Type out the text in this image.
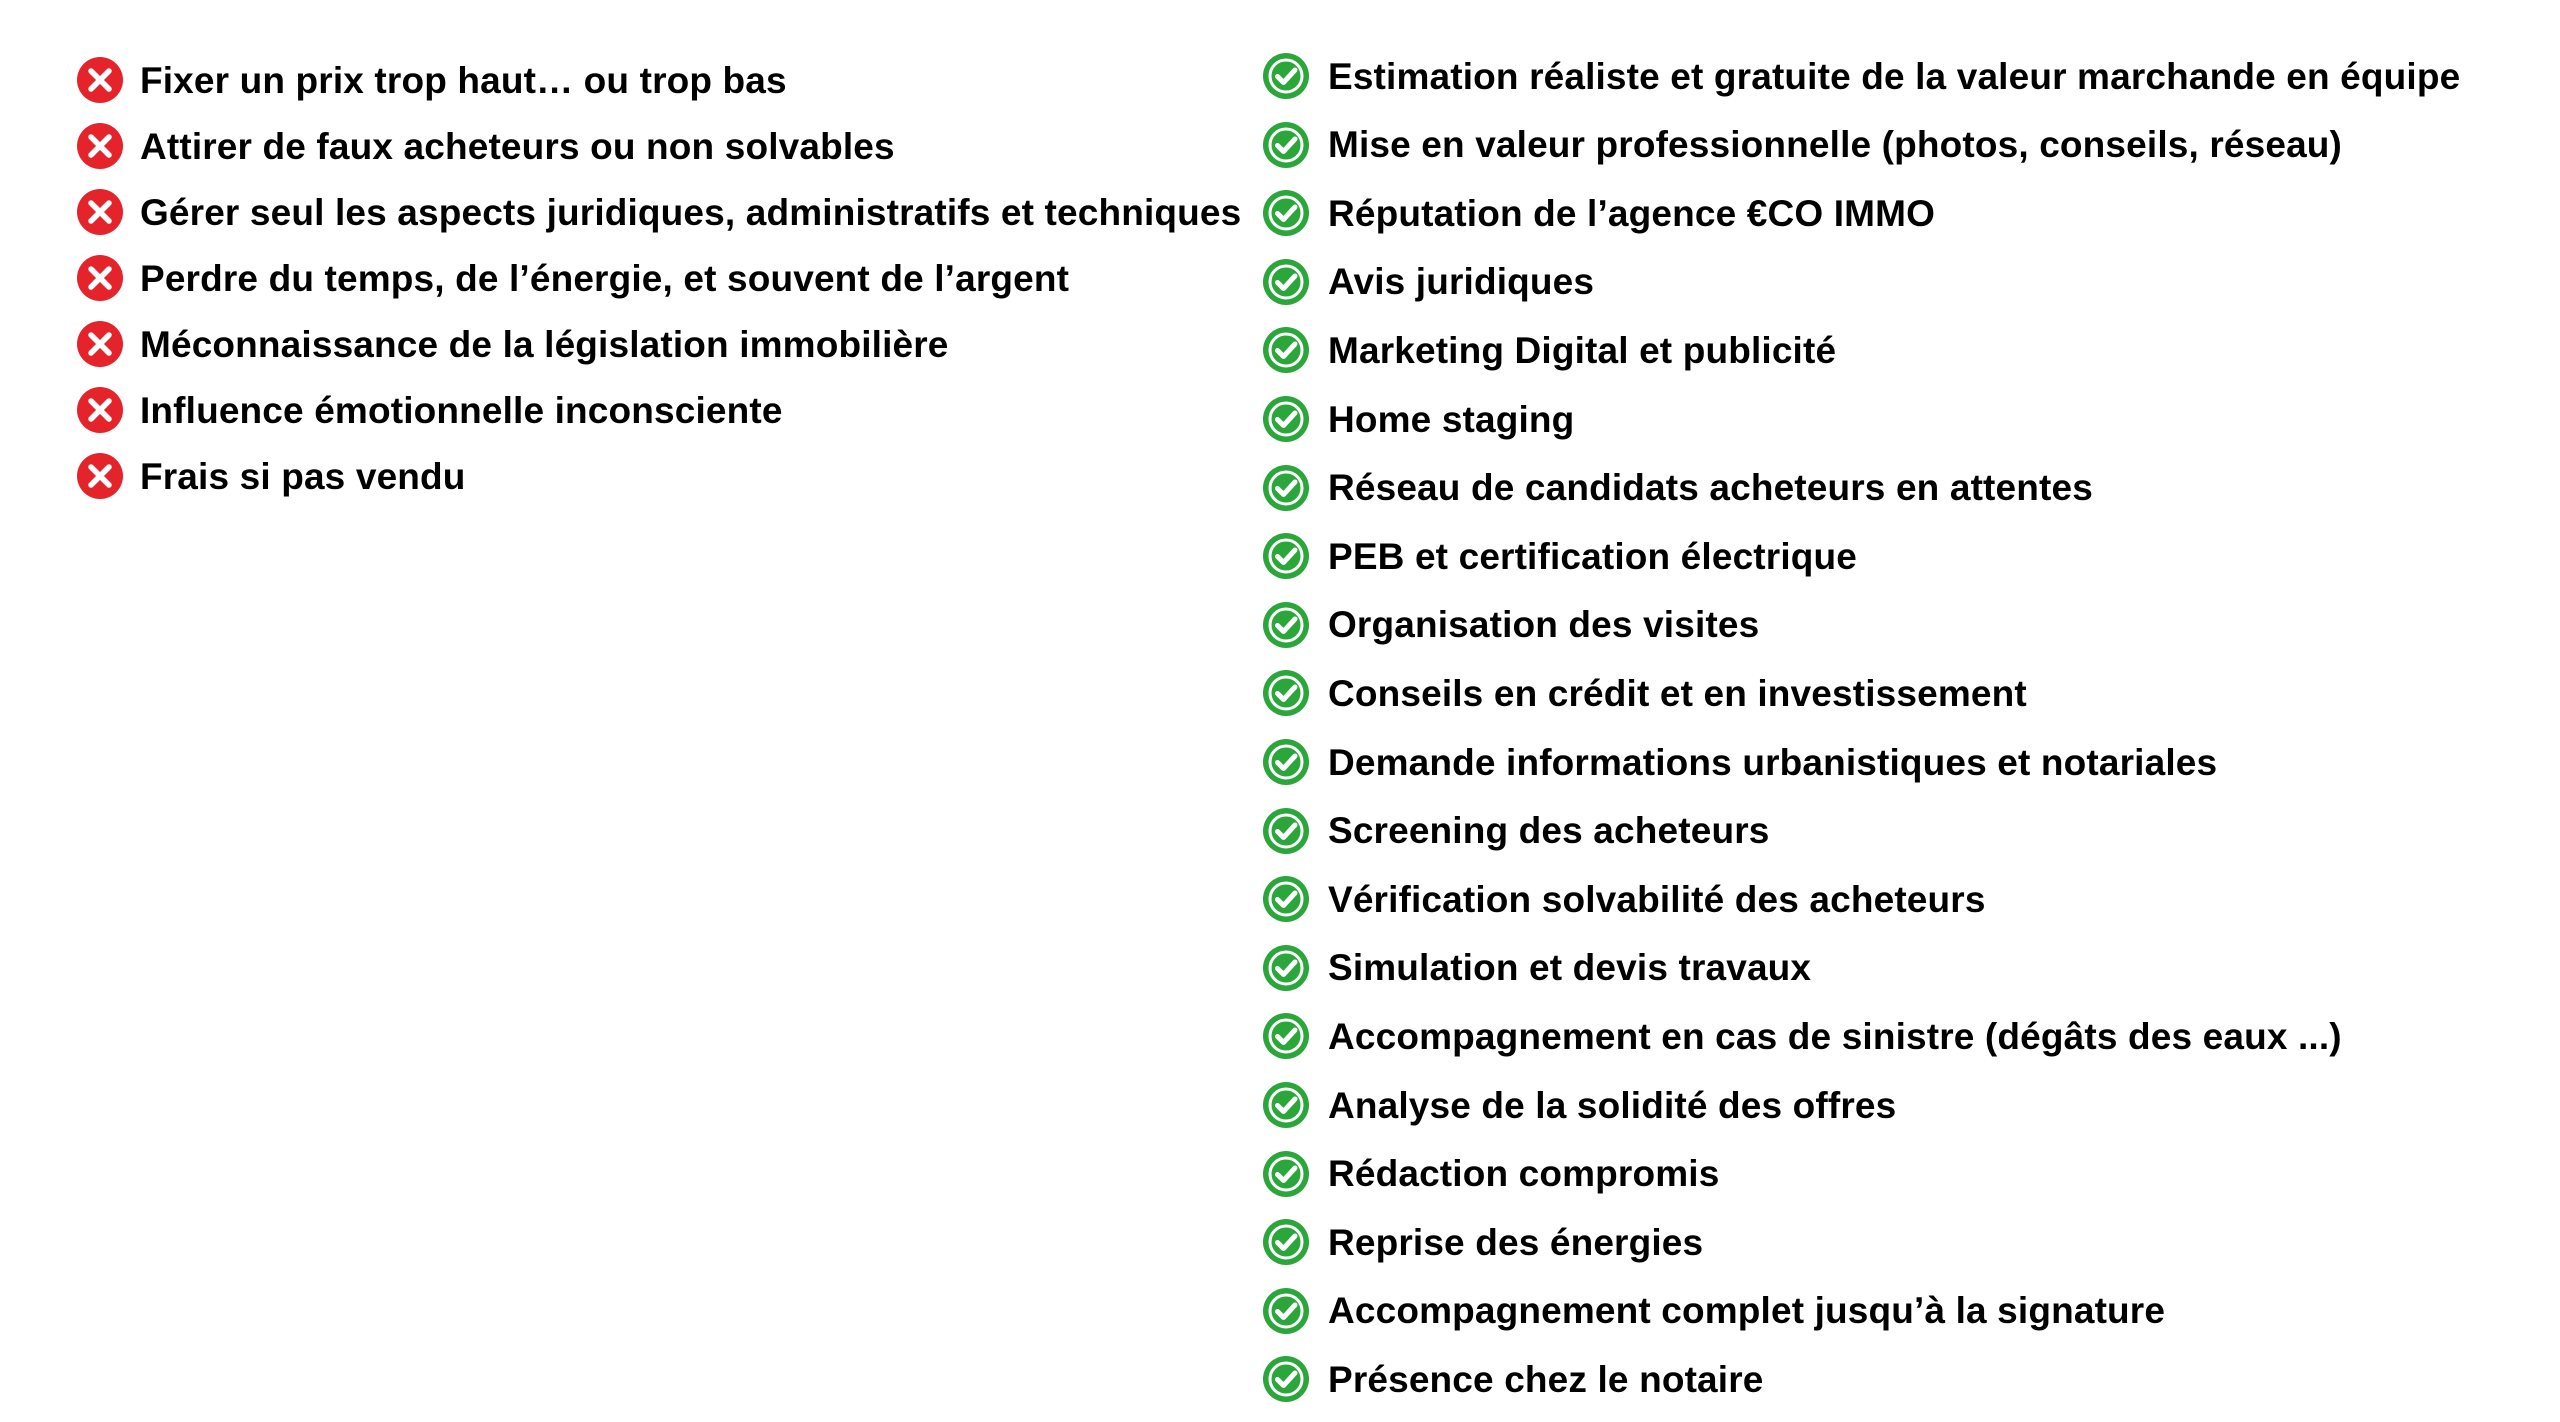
Fixer un prix trop haut… ou trop bas
Attirer de faux acheteurs ou non solvables
Gérer seul les aspects juridiques, administratifs et techniques
Perdre du temps, de l’énergie, et souvent de l’argent
Méconnaissance de la législation immobilière
Influence émotionnelle inconsciente
Frais si pas vendu
Estimation réaliste et gratuite de la valeur marchande en équipe
Mise en valeur professionnelle (photos, conseils, réseau)
Réputation de l’agence €CO IMMO
Avis juridiques
Marketing Digital et publicité
Home staging
Réseau de candidats acheteurs en attentes
PEB et certification électrique
Organisation des visites
Conseils en crédit et en investissement
Demande informations urbanistiques et notariales
Screening des acheteurs
Vérification solvabilité des acheteurs
Simulation et devis travaux
Accompagnement en cas de sinistre (dégâts des eaux ...)
Analyse de la solidité des offres
Rédaction compromis
Reprise des énergies
Accompagnement complet jusqu’à la signature
Présence chez le notaire
